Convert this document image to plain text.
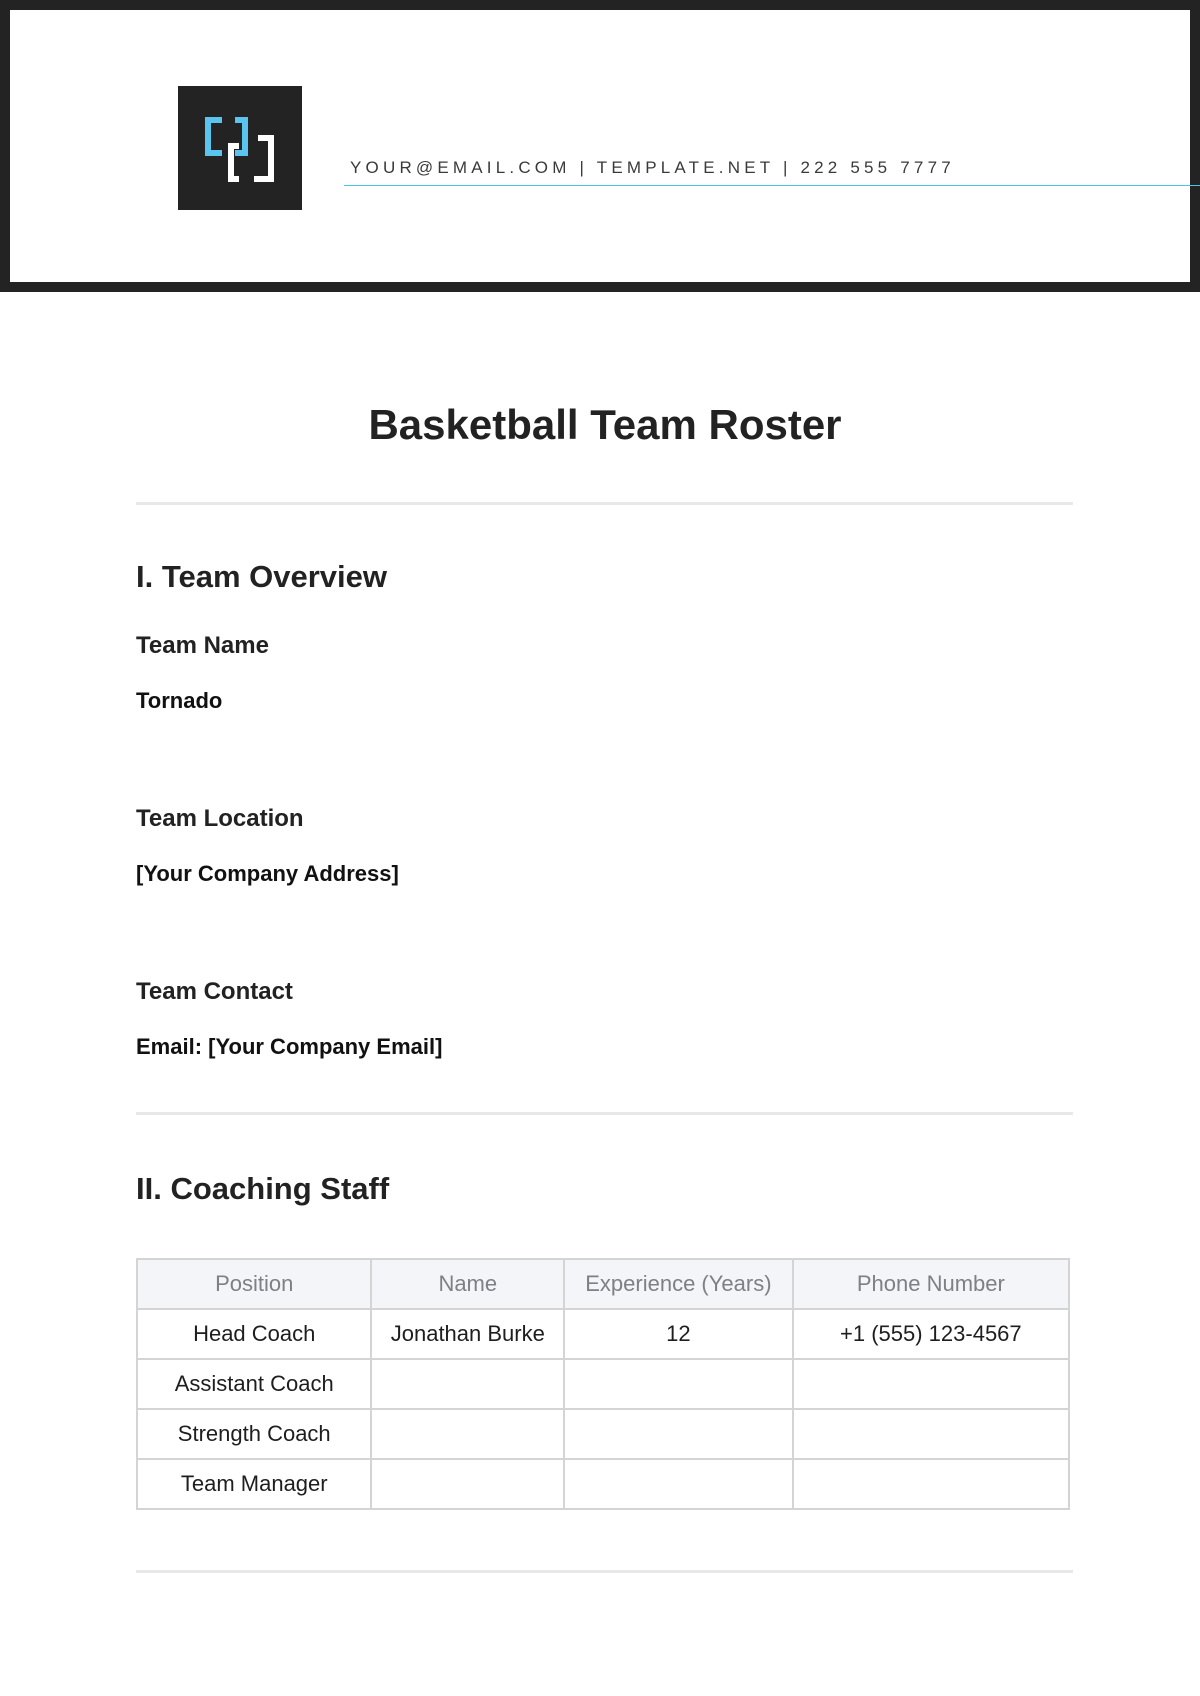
YOUR@EMAIL.COM | TEMPLATE.NET | 222 555 7777
Basketball Team Roster
I. Team Overview
Team Name
Tornado
Team Location
[Your Company Address]
Team Contact
Email: [Your Company Email]
II. Coaching Staff
Position	Name	Experience (Years)	Phone Number
Head Coach	Jonathan Burke	12	+1 (555) 123-4567
Assistant Coach			
Strength Coach			
Team Manager			
